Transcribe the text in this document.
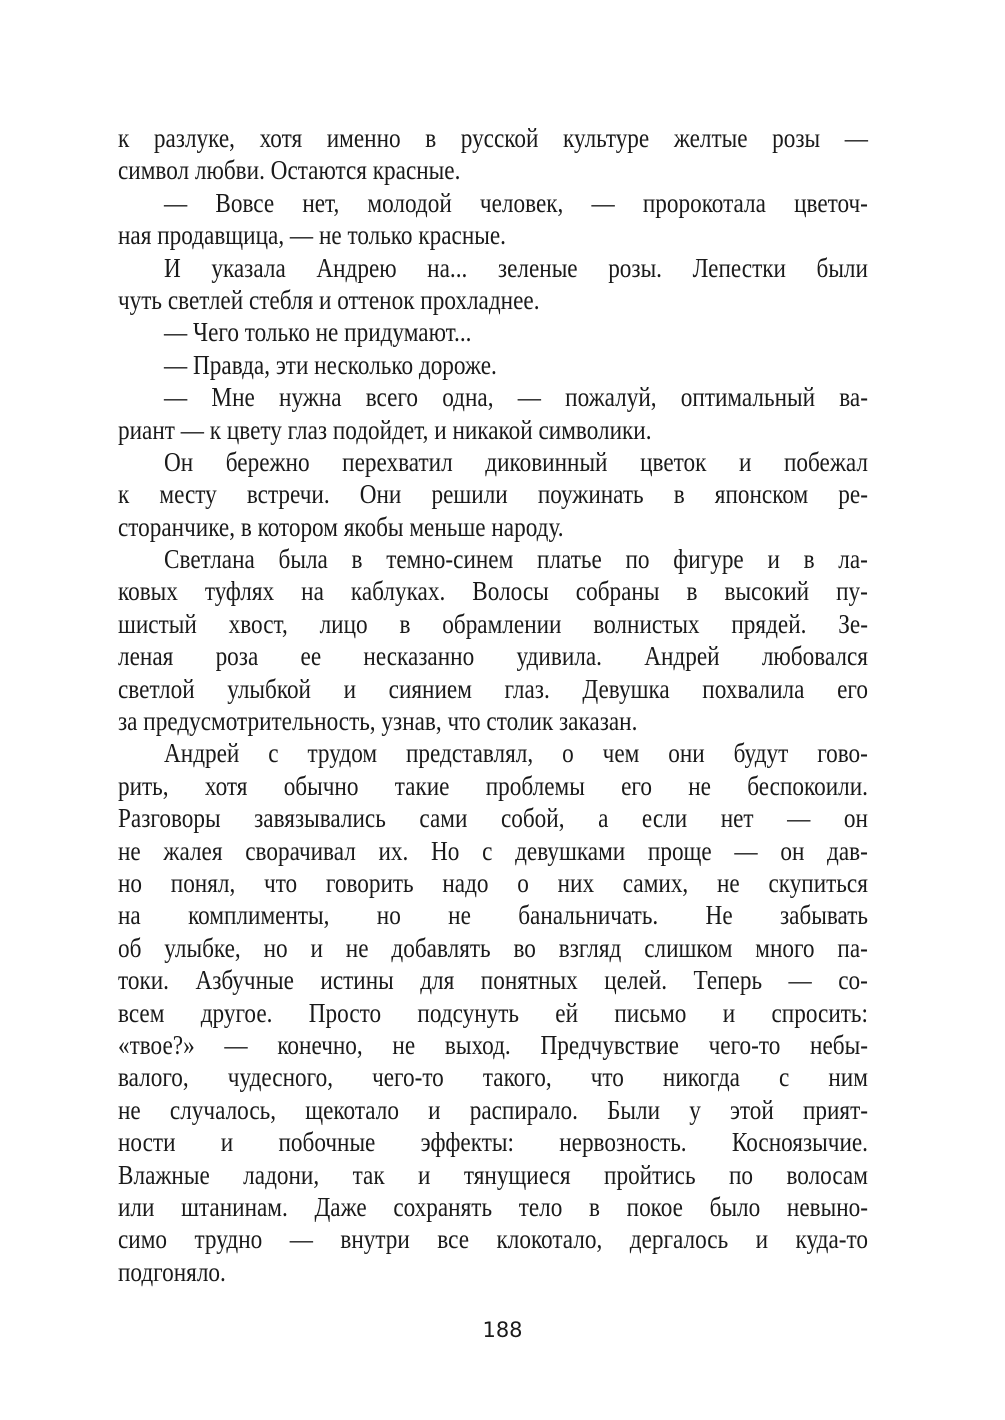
к разлуке, хотя именно в русской культуре желтые розы —
символ любви. Остаются красные.
— Вовсе нет, молодой человек, — пророкотала цветоч-
ная продавщица, — не только красные.
И указала Андрею на... зеленые розы. Лепестки были
чуть светлей стебля и оттенок прохладнее.
— Чего только не придумают...
— Правда, эти несколько дороже.
— Мне нужна всего одна, — пожалуй, оптимальный ва-
риант — к цвету глаз подойдет, и никакой символики.
Он бережно перехватил диковинный цветок и побежал
к месту встречи. Они решили поужинать в японском ре-
сторанчике, в котором якобы меньше народу.
Светлана была в темно-синем платье по фигуре и в ла-
ковых туфлях на каблуках. Волосы собраны в высокий пу-
шистый хвост, лицо в обрамлении волнистых прядей. Зе-
леная роза ее несказанно удивила. Андрей любовался
светлой улыбкой и сиянием глаз. Девушка похвалила его
за предусмотрительность, узнав, что столик заказан.
Андрей с трудом представлял, о чем они будут гово-
рить, хотя обычно такие проблемы его не беспокоили.
Разговоры завязывались сами собой, а если нет — он
не жалея сворачивал их. Но с девушками проще — он дав-
но понял, что говорить надо о них самих, не скупиться
на комплименты, но не банальничать. Не забывать
об улыбке, но и не добавлять во взгляд слишком много па-
токи. Азбучные истины для понятных целей. Теперь — со-
всем другое. Просто подсунуть ей письмо и спросить:
«твое?» — конечно, не выход. Предчувствие чего-то небы-
валого, чудесного, чего-то такого, что никогда с ним
не случалось, щекотало и распирало. Были у этой прият-
ности и побочные эффекты: нервозность. Косноязычие.
Влажные ладони, так и тянущиеся пройтись по волосам
или штанинам. Даже сохранять тело в покое было невыно-
симо трудно — внутри все клокотало, дергалось и куда-то
подгоняло.
188
